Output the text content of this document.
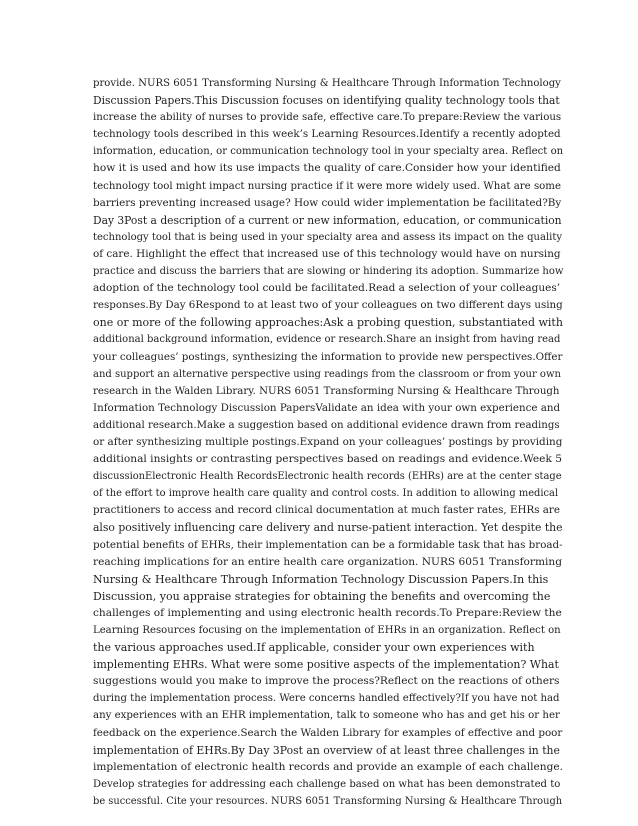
provide. NURS 6051 Transforming Nursing & Healthcare Through Information Technology
Discussion Papers.This Discussion focuses on identifying quality technology tools that
increase the ability of nurses to provide safe, effective care.To prepare:Review the various
technology tools described in this week’s Learning Resources.Identify a recently adopted
information, education, or communication technology tool in your specialty area. Reflect on
how it is used and how its use impacts the quality of care.Consider how your identified
technology tool might impact nursing practice if it were more widely used. What are some
barriers preventing increased usage? How could wider implementation be facilitated?By
Day 3Post a description of a current or new information, education, or communication
technology tool that is being used in your specialty area and assess its impact on the quality
of care. Highlight the effect that increased use of this technology would have on nursing
practice and discuss the barriers that are slowing or hindering its adoption. Summarize how
adoption of the technology tool could be facilitated.Read a selection of your colleagues’
responses.By Day 6Respond to at least two of your colleagues on two different days using
one or more of the following approaches:Ask a probing question, substantiated with
additional background information, evidence or research.Share an insight from having read
your colleagues’ postings, synthesizing the information to provide new perspectives.Offer
and support an alternative perspective using readings from the classroom or from your own
research in the Walden Library. NURS 6051 Transforming Nursing & Healthcare Through
Information Technology Discussion PapersValidate an idea with your own experience and
additional research.Make a suggestion based on additional evidence drawn from readings
or after synthesizing multiple postings.Expand on your colleagues’ postings by providing
additional insights or contrasting perspectives based on readings and evidence.Week 5
discussionElectronic Health RecordsElectronic health records (EHRs) are at the center stage
of the effort to improve health care quality and control costs. In addition to allowing medical
practitioners to access and record clinical documentation at much faster rates, EHRs are
also positively influencing care delivery and nurse-patient interaction. Yet despite the
potential benefits of EHRs, their implementation can be a formidable task that has broad-
reaching implications for an entire health care organization. NURS 6051 Transforming
Nursing & Healthcare Through Information Technology Discussion Papers.In this
Discussion, you appraise strategies for obtaining the benefits and overcoming the
challenges of implementing and using electronic health records.To Prepare:Review the
Learning Resources focusing on the implementation of EHRs in an organization. Reflect on
the various approaches used.If applicable, consider your own experiences with
implementing EHRs. What were some positive aspects of the implementation? What
suggestions would you make to improve the process?Reflect on the reactions of others
during the implementation process. Were concerns handled effectively?If you have not had
any experiences with an EHR implementation, talk to someone who has and get his or her
feedback on the experience.Search the Walden Library for examples of effective and poor
implementation of EHRs.By Day 3Post an overview of at least three challenges in the
implementation of electronic health records and provide an example of each challenge.
Develop strategies for addressing each challenge based on what has been demonstrated to
be successful. Cite your resources. NURS 6051 Transforming Nursing & Healthcare Through
